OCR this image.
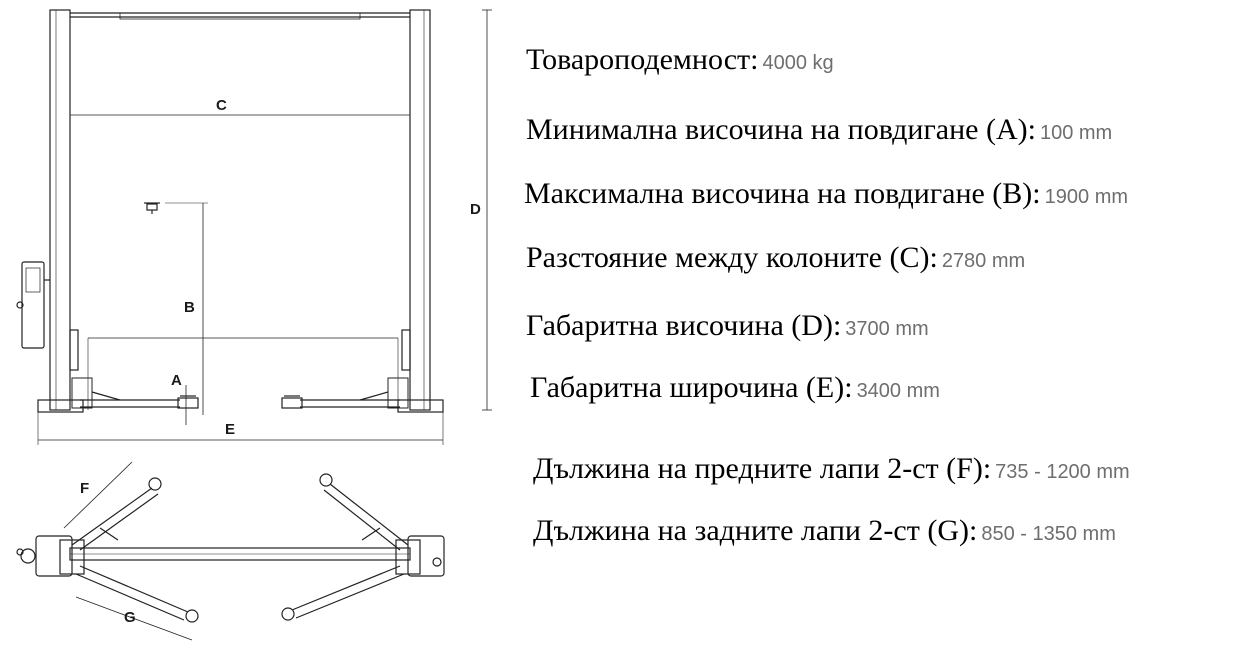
C
D
B
A
E
F
G
Товароподемност: 4000 kg
Минимална височина на повдигане (A): 100 mm
Максимална височина на повдигане (B): 1900 mm
Разстояние между колоните (C): 2780 mm
Габаритна височина (D): 3700 mm
Габаритна широчина (E): 3400 mm
Дължина на предните лапи 2-ст (F): 735 - 1200 mm
Дължина на задните лапи 2-ст (G): 850 - 1350 mm
